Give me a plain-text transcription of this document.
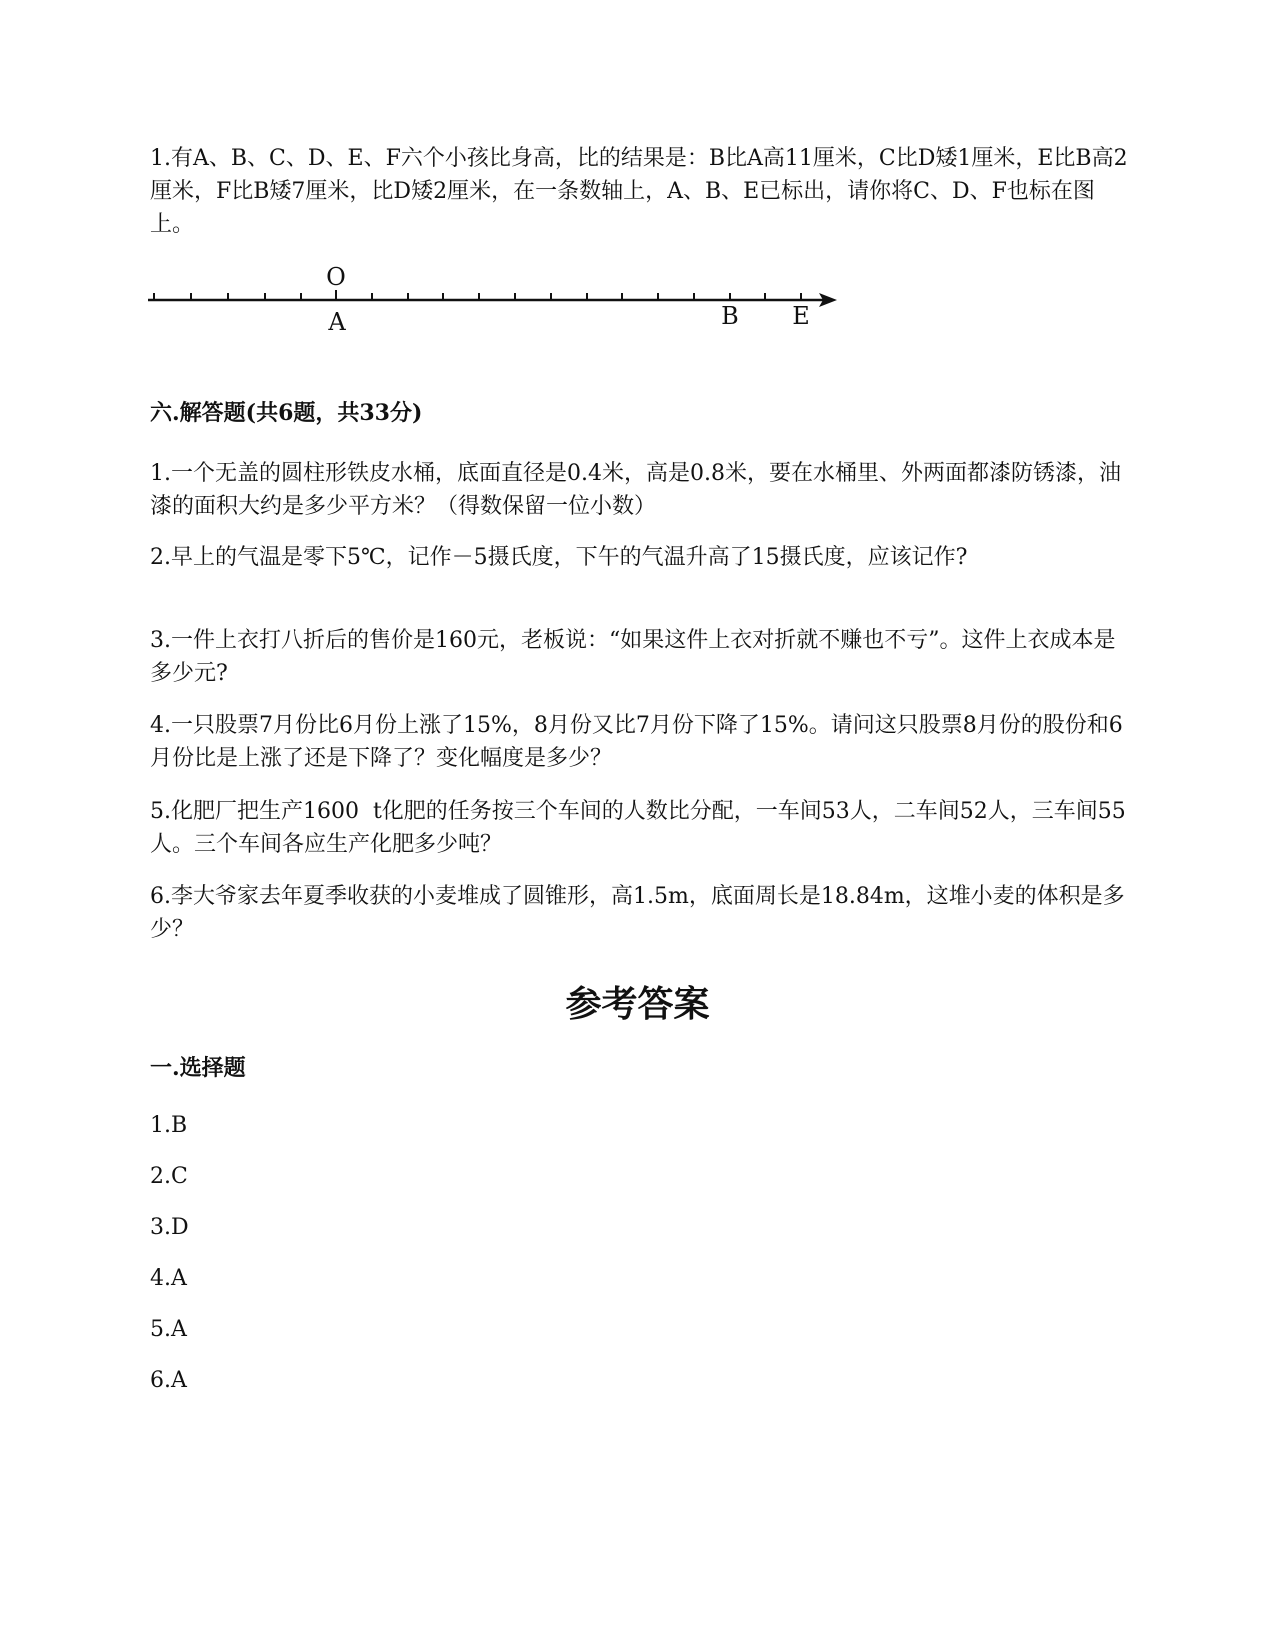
1.有A、B、C、D、E、F六个小孩比身高，比的结果是：B比A高11厘米，C比D矮1厘米，E比B高2厘米，F比B矮7厘米，比D矮2厘米，在一条数轴上，A、B、E已标出，请你将C、D、F也标在图上。

O
A	B E
六.解答题(共6题，共33分)

1.一个无盖的圆柱形铁皮水桶，底面直径是0.4米，高是0.8米，要在水桶里、外两面都漆防锈漆，油漆的面积大约是多少平方米？（得数保留一位小数）

2.早上的气温是零下5℃，记作－5摄氏度，下午的气温升高了15摄氏度，应该记作?

3.一件上衣打八折后的售价是160元，老板说：“如果这件上衣对折就不赚也不亏”。这件上衣成本是多少元?

4.一只股票7月份比6月份上涨了15%，8月份又比7月份下降了15%。请问这只股票8月份的股份和6月份比是上涨了还是下降了？变化幅度是多少？

5.化肥厂把生产1600  t化肥的任务按三个车间的人数比分配，一车间53人，二车间52人，三车间55人。三个车间各应生产化肥多少吨？

6.李大爷家去年夏季收获的小麦堆成了圆锥形，高1.5m，底面周长是18.84m，这堆小麦的体积是多少？

参考答案
一.选择题

1.B

2.C

3.D

4.A

5.A

6.A
